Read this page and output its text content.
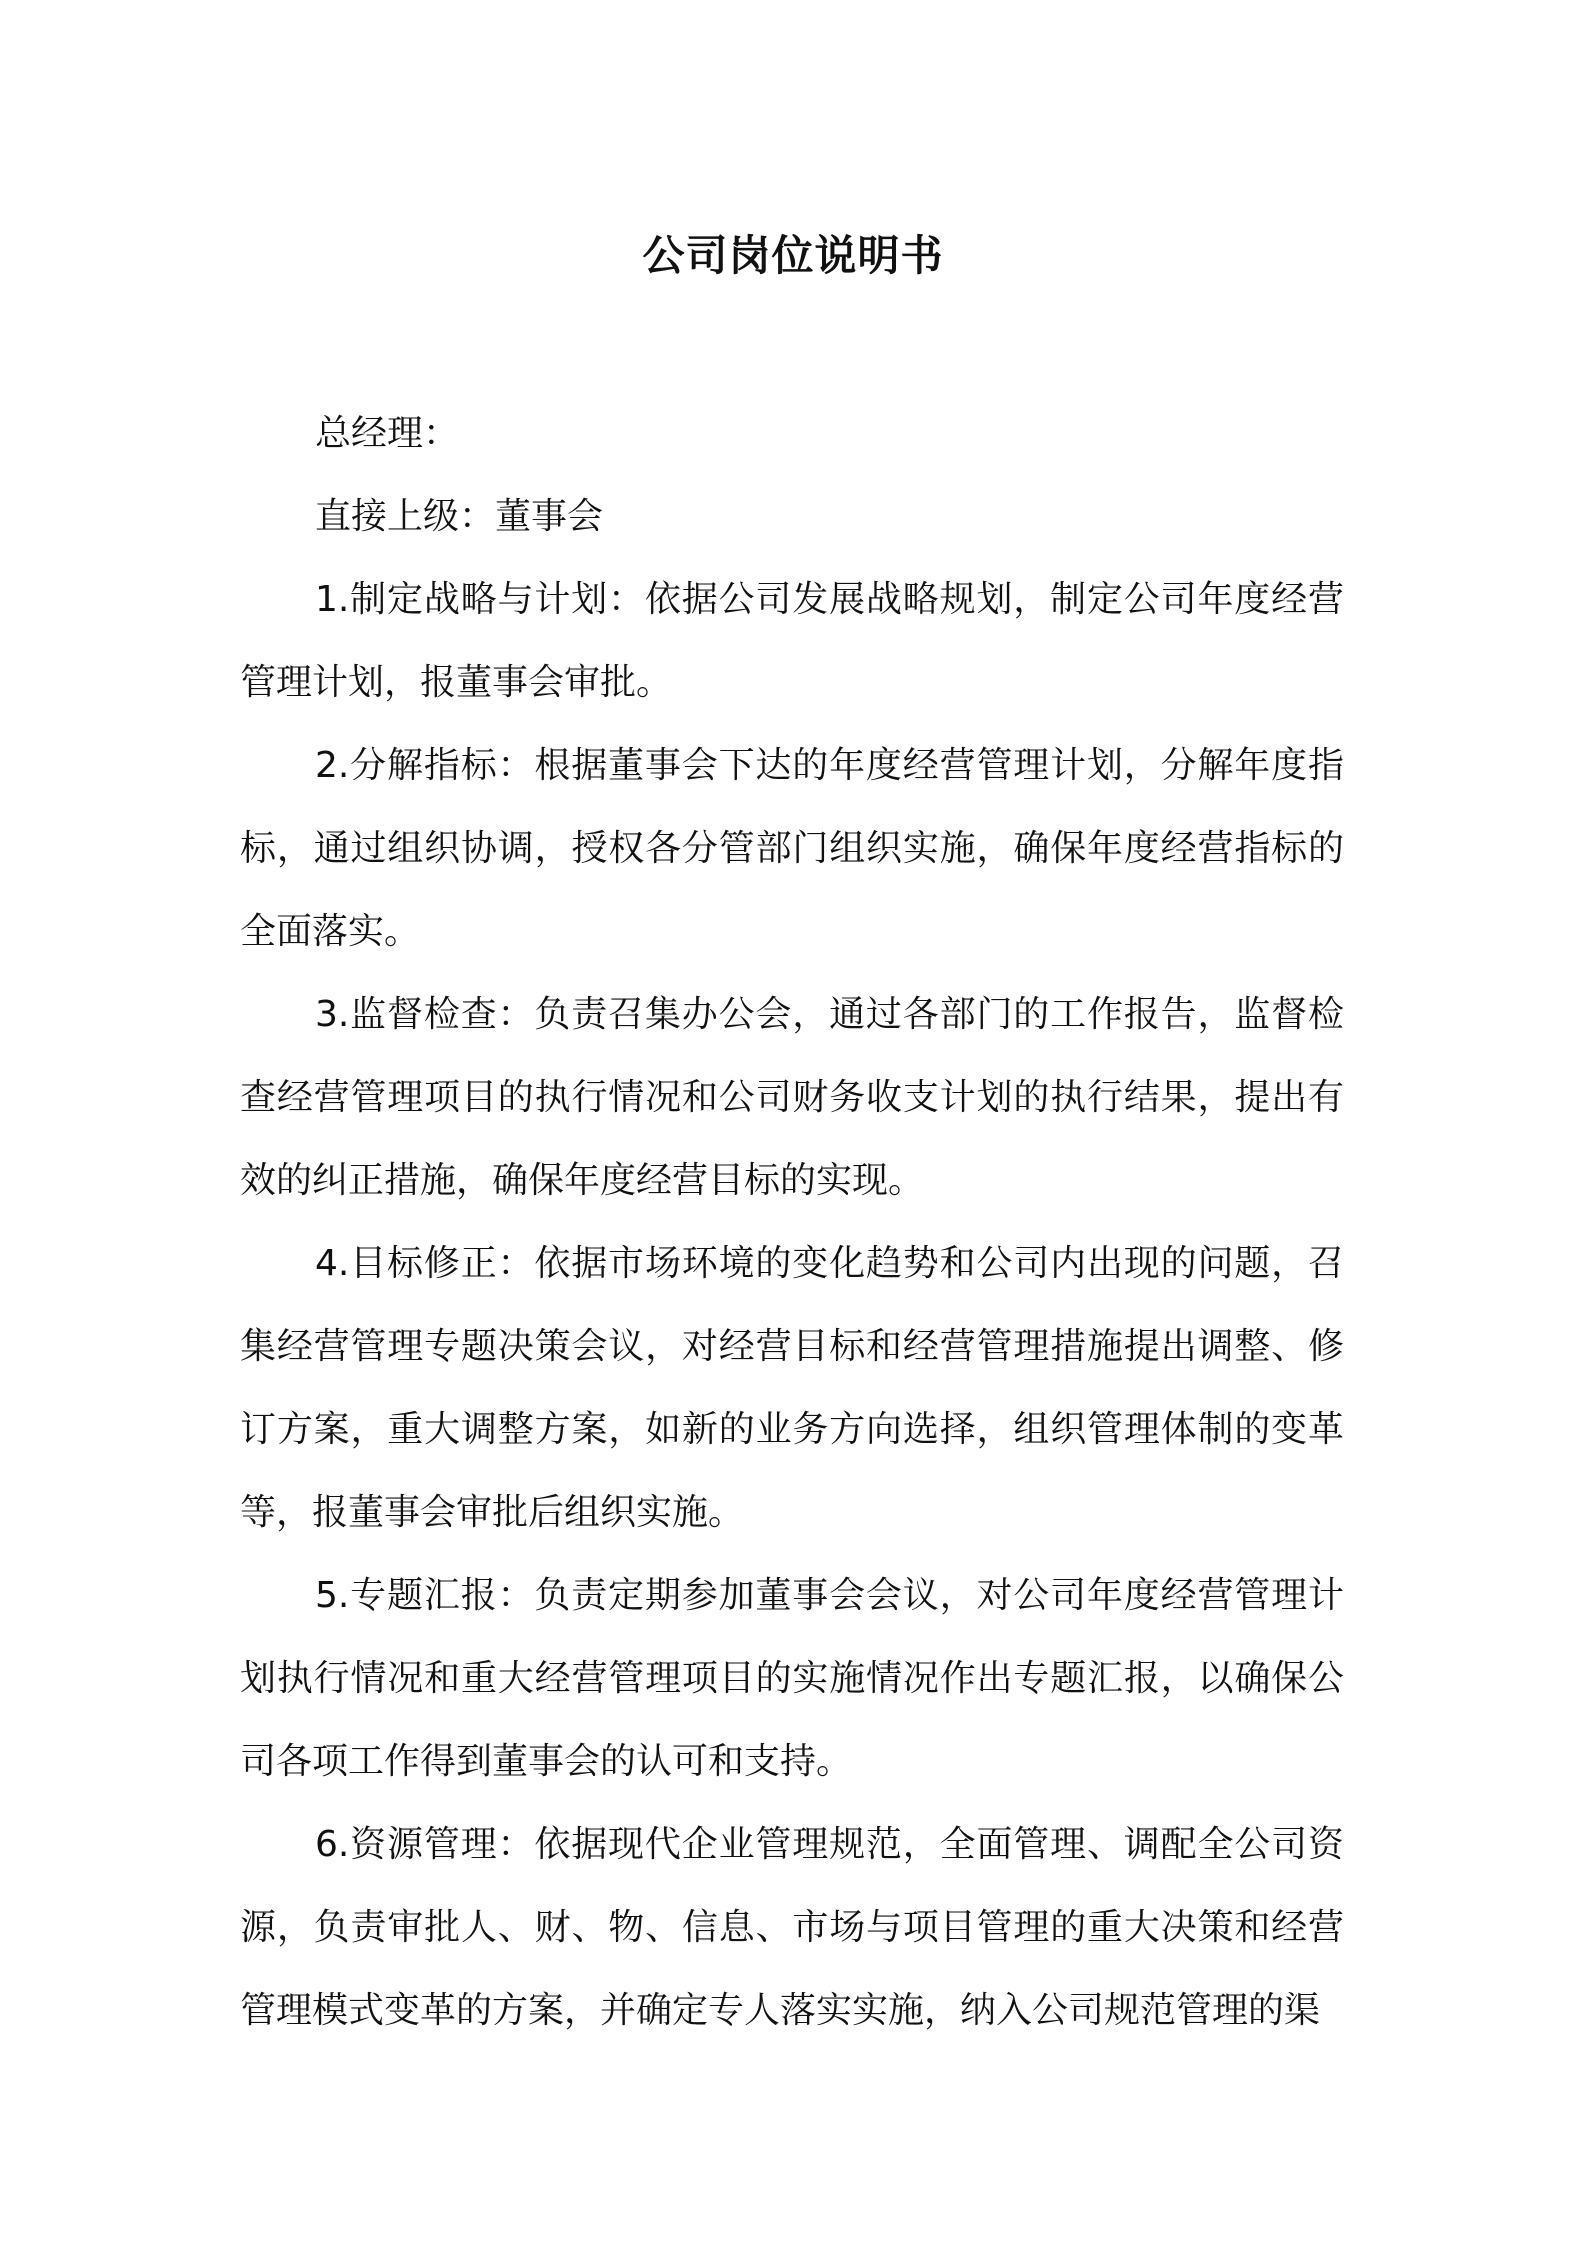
公司岗位说明书

总经理：

直接上级：董事会

1.制定战略与计划：依据公司发展战略规划，制定公司年度经营管理计划，报董事会审批。

2.分解指标：根据董事会下达的年度经营管理计划，分解年度指标，通过组织协调，授权各分管部门组织实施，确保年度经营指标的全面落实。

3.监督检查：负责召集办公会，通过各部门的工作报告，监督检查经营管理项目的执行情况和公司财务收支计划的执行结果，提出有效的纠正措施，确保年度经营目标的实现。

4.目标修正：依据市场环境的变化趋势和公司内出现的问题，召集经营管理专题决策会议，对经营目标和经营管理措施提出调整、修订方案，重大调整方案，如新的业务方向选择，组织管理体制的变革等，报董事会审批后组织实施。

5.专题汇报：负责定期参加董事会会议，对公司年度经营管理计划执行情况和重大经营管理项目的实施情况作出专题汇报，以确保公司各项工作得到董事会的认可和支持。

6.资源管理：依据现代企业管理规范，全面管理、调配全公司资源，负责审批人、财、物、信息、市场与项目管理的重大决策和经营管理模式变革的方案，并确定专人落实实施，纳入公司规范管理的渠
